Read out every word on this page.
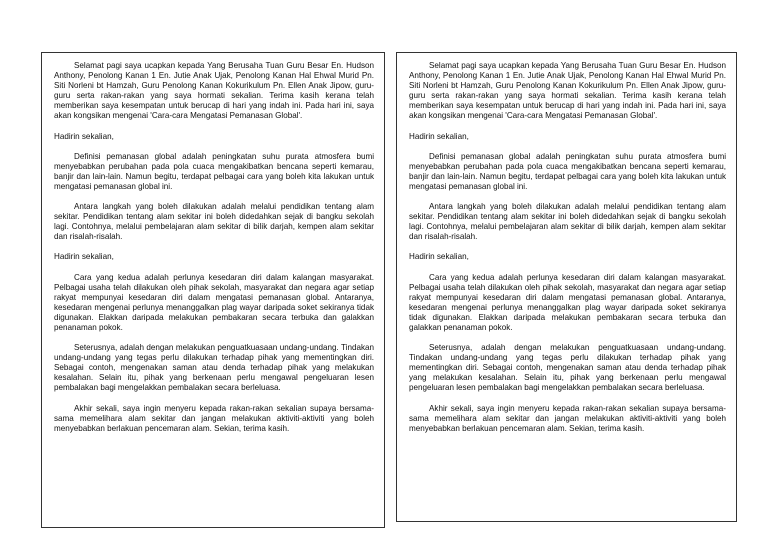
Selamat pagi saya ucapkan kepada Yang Berusaha Tuan Guru Besar En. Hudson Anthony, Penolong Kanan 1 En. Jutie Anak Ujak, Penolong Kanan Hal Ehwal Murid Pn. Siti Norleni bt Hamzah, Guru Penolong Kanan Kokurikulum Pn. Ellen Anak Jipow, guru-guru serta rakan-rakan yang saya hormati sekalian. Terima kasih kerana telah memberikan saya kesempatan untuk berucap di hari yang indah ini. Pada hari ini, saya akan kongsikan mengenai 'Cara-cara Mengatasi Pemanasan Global'.

Hadirin sekalian,

Definisi pemanasan global adalah peningkatan suhu purata atmosfera bumi menyebabkan perubahan pada pola cuaca mengakibatkan bencana seperti kemarau, banjir dan lain-lain. Namun begitu, terdapat pelbagai cara yang boleh kita lakukan untuk mengatasi pemanasan global ini.

Antara langkah yang boleh dilakukan adalah melalui pendidikan tentang alam sekitar. Pendidikan tentang alam sekitar ini boleh didedahkan sejak di bangku sekolah lagi. Contohnya, melalui pembelajaran alam sekitar di bilik darjah, kempen alam sekitar dan risalah-risalah.

Hadirin sekalian,

Cara yang kedua adalah perlunya kesedaran diri dalam kalangan masyarakat. Pelbagai usaha telah dilakukan oleh pihak sekolah, masyarakat dan negara agar setiap rakyat mempunyai kesedaran diri dalam mengatasi pemanasan global. Antaranya, kesedaran mengenai perlunya menanggalkan plag wayar daripada soket sekiranya tidak digunakan. Elakkan daripada melakukan pembakaran secara terbuka dan galakkan penanaman pokok.

Seterusnya, adalah dengan melakukan penguatkuasaan undang-undang. Tindakan undang-undang yang tegas perlu dilakukan terhadap pihak yang mementingkan diri. Sebagai contoh, mengenakan saman atau denda terhadap pihak yang melakukan kesalahan. Selain itu, pihak yang berkenaan perlu mengawal pengeluaran lesen pembalakan bagi mengelakkan pembalakan secara berleluasa.

Akhir sekali, saya ingin menyeru kepada rakan-rakan sekalian supaya bersama-sama memelihara alam sekitar dan jangan melakukan aktiviti-aktiviti yang boleh menyebabkan berlakuan pencemaran alam. Sekian, terima kasih.

Selamat pagi saya ucapkan kepada Yang Berusaha Tuan Guru Besar En. Hudson Anthony, Penolong Kanan 1 En. Jutie Anak Ujak, Penolong Kanan Hal Ehwal Murid Pn. Siti Norleni bt Hamzah, Guru Penolong Kanan Kokurikulum Pn. Ellen Anak Jipow, guru-guru serta rakan-rakan yang saya hormati sekalian. Terima kasih kerana telah memberikan saya kesempatan untuk berucap di hari yang indah ini. Pada hari ini, saya akan kongsikan mengenai 'Cara-cara Mengatasi Pemanasan Global'.

Hadirin sekalian,

Definisi pemanasan global adalah peningkatan suhu purata atmosfera bumi menyebabkan perubahan pada pola cuaca mengakibatkan bencana seperti kemarau, banjir dan lain-lain. Namun begitu, terdapat pelbagai cara yang boleh kita lakukan untuk mengatasi pemanasan global ini.

Antara langkah yang boleh dilakukan adalah melalui pendidikan tentang alam sekitar. Pendidikan tentang alam sekitar ini boleh didedahkan sejak di bangku sekolah lagi. Contohnya, melalui pembelajaran alam sekitar di bilik darjah, kempen alam sekitar dan risalah-risalah.

Hadirin sekalian,

Cara yang kedua adalah perlunya kesedaran diri dalam kalangan masyarakat. Pelbagai usaha telah dilakukan oleh pihak sekolah, masyarakat dan negara agar setiap rakyat mempunyai kesedaran diri dalam mengatasi pemanasan global. Antaranya, kesedaran mengenai perlunya menanggalkan plag wayar daripada soket sekiranya tidak digunakan. Elakkan daripada melakukan pembakaran secara terbuka dan galakkan penanaman pokok.

Seterusnya, adalah dengan melakukan penguatkuasaan undang-undang. Tindakan undang-undang yang tegas perlu dilakukan terhadap pihak yang mementingkan diri. Sebagai contoh, mengenakan saman atau denda terhadap pihak yang melakukan kesalahan. Selain itu, pihak yang berkenaan perlu mengawal pengeluaran lesen pembalakan bagi mengelakkan pembalakan secara berleluasa.

Akhir sekali, saya ingin menyeru kepada rakan-rakan sekalian supaya bersama-sama memelihara alam sekitar dan jangan melakukan aktiviti-aktiviti yang boleh menyebabkan berlakuan pencemaran alam. Sekian, terima kasih.
